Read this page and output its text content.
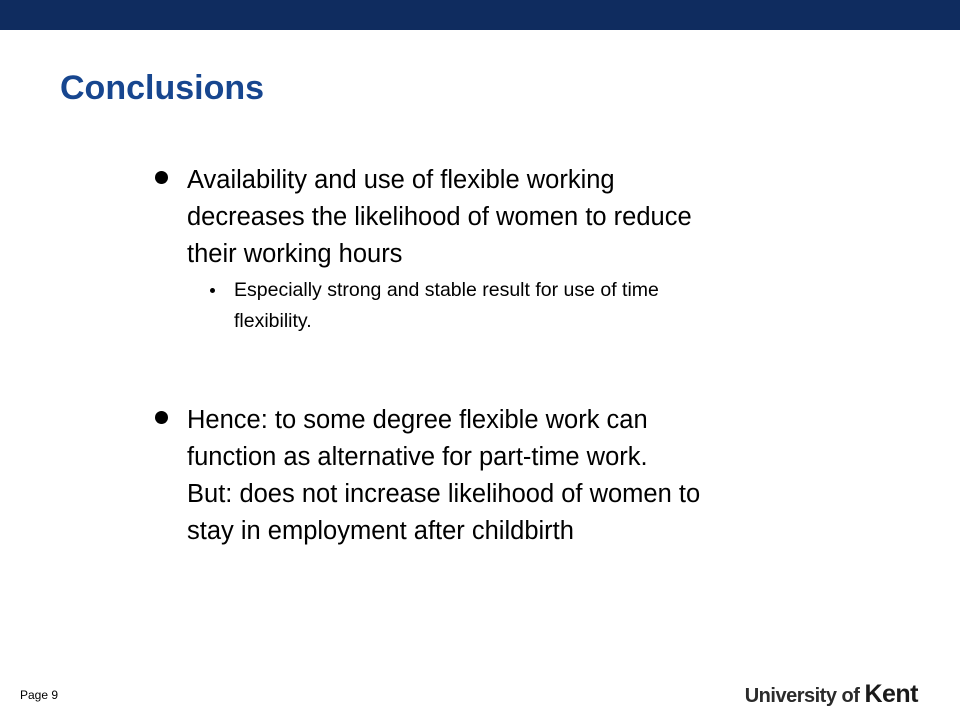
Conclusions
Availability and use of flexible working
decreases the likelihood of women to reduce
their working hours
Especially strong and stable result for use of time
flexibility.
Hence: to some degree flexible work can
function as alternative for part-time work.
But: does not increase likelihood of women to
stay in employment after childbirth
Page 9	University of Kent
